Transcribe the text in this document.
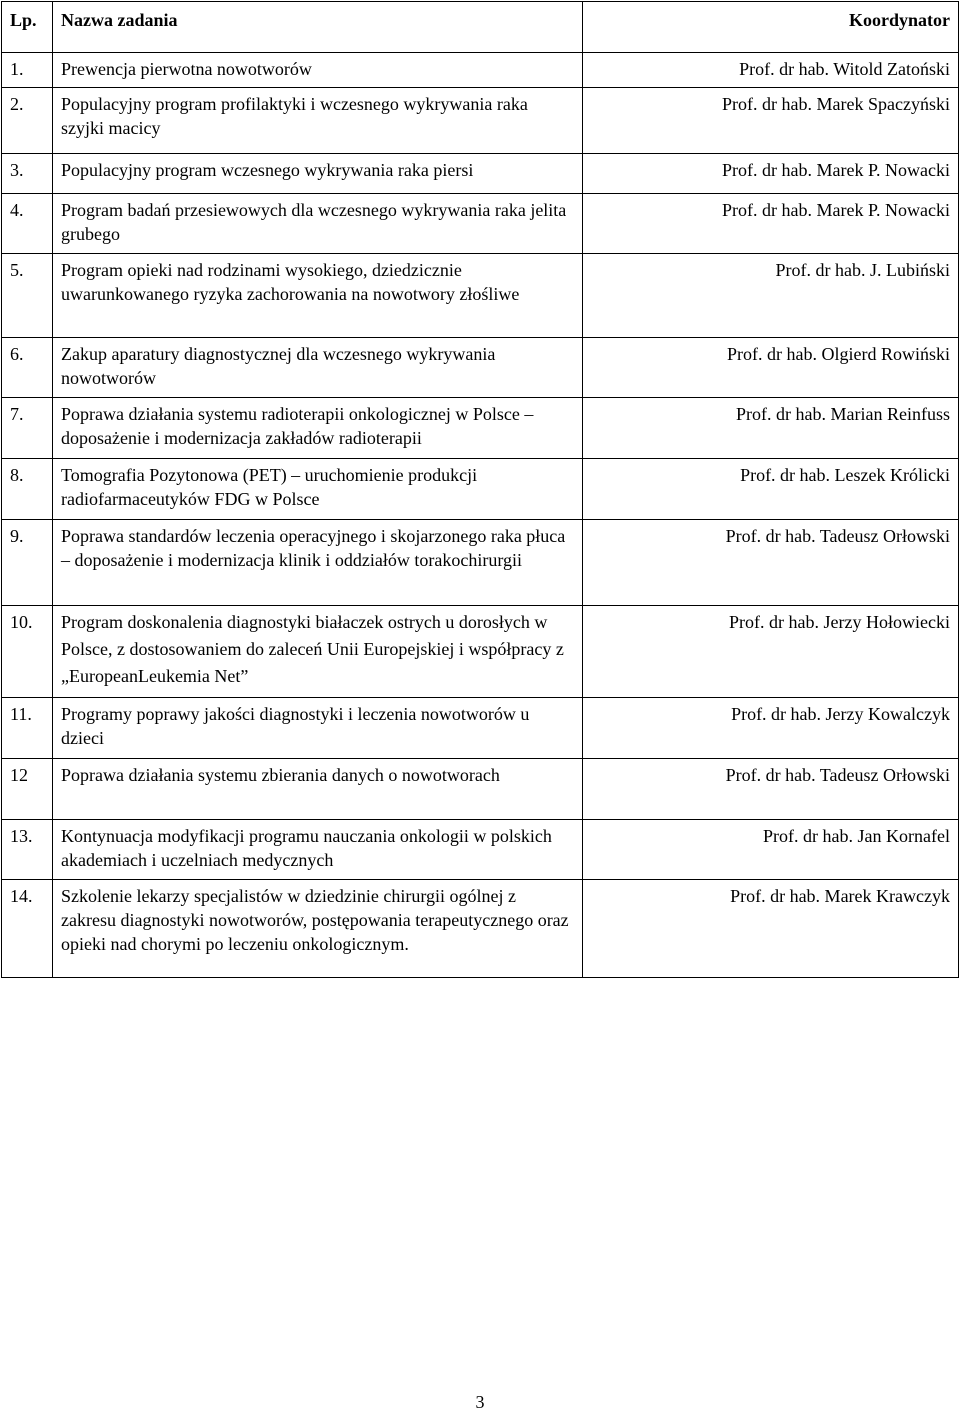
Lp.	Nazwa zadania	Koordynator
1.	Prewencja pierwotna nowotworów	Prof. dr hab. Witold Zatoński
2.	Populacyjny program profilaktyki i wczesnego wykrywania raka szyjki macicy	Prof. dr hab. Marek Spaczyński
3.	Populacyjny program wczesnego wykrywania raka piersi	Prof. dr hab. Marek P. Nowacki
4.	Program badań przesiewowych dla wczesnego wykrywania raka jelita grubego	Prof. dr hab. Marek P. Nowacki
5.	Program opieki nad rodzinami wysokiego, dziedzicznie uwarunkowanego ryzyka zachorowania na nowotwory złośliwe	Prof. dr hab. J. Lubiński
6.	Zakup aparatury diagnostycznej dla wczesnego wykrywania nowotworów	Prof. dr hab. Olgierd Rowiński
7.	Poprawa działania systemu radioterapii onkologicznej w Polsce – doposażenie i modernizacja zakładów radioterapii	Prof. dr hab. Marian Reinfuss
8.	Tomografia Pozytonowa (PET) – uruchomienie produkcji radiofarmaceutyków FDG w Polsce	Prof. dr hab. Leszek Królicki
9.	Poprawa standardów leczenia operacyjnego i skojarzonego raka płuca – doposażenie i modernizacja klinik i oddziałów torakochirurgii	Prof. dr hab. Tadeusz Orłowski
10.	Program doskonalenia diagnostyki białaczek ostrych u dorosłych w Polsce, z dostosowaniem do zaleceń Unii Europejskiej i współpracy z „EuropeanLeukemia Net”	Prof. dr hab. Jerzy Hołowiecki
11.	Programy poprawy jakości diagnostyki i leczenia nowotworów u dzieci	Prof. dr hab. Jerzy Kowalczyk
12	Poprawa działania systemu zbierania danych o nowotworach	Prof. dr hab. Tadeusz Orłowski
13.	Kontynuacja modyfikacji programu nauczania onkologii w polskich akademiach i uczelniach medycznych	Prof. dr hab. Jan Kornafel
14.	Szkolenie lekarzy specjalistów w dziedzinie chirurgii ogólnej z zakresu diagnostyki nowotworów, postępowania terapeutycznego oraz opieki nad chorymi po leczeniu onkologicznym.	Prof. dr hab. Marek Krawczyk
3
